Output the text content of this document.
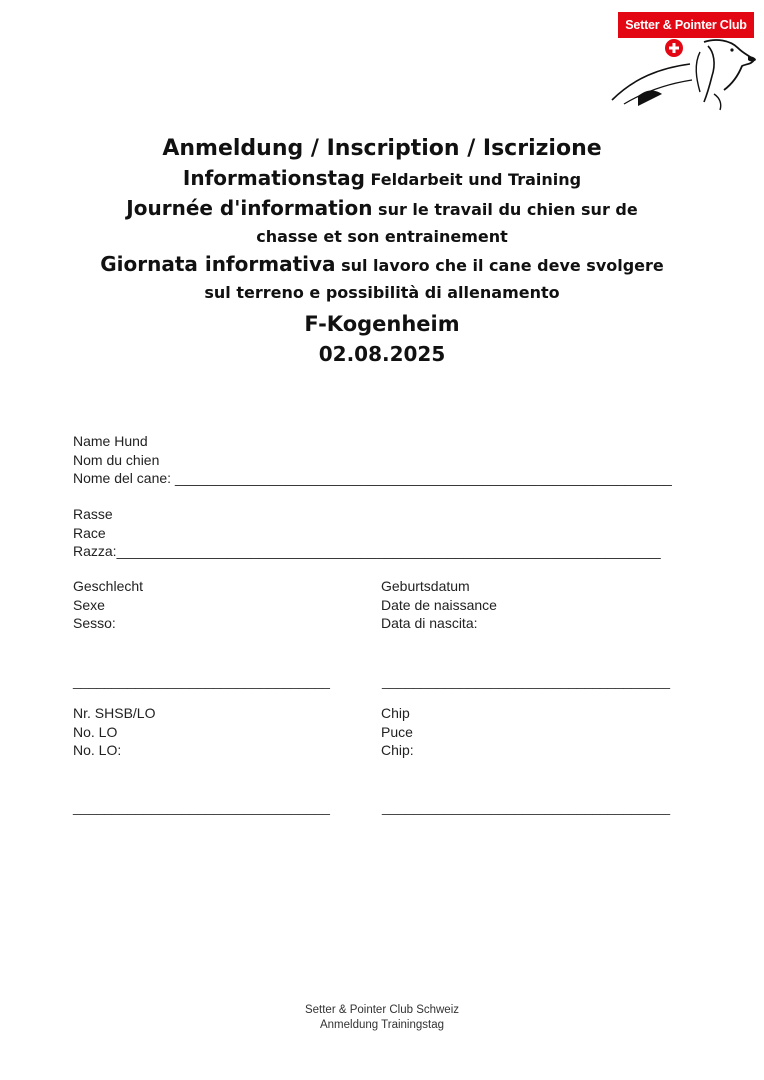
Setter & Pointer Club
Anmeldung / Inscription / Iscrizione
Informationstag Feldarbeit und Training
Journée d'information sur le travail du chien sur de
chasse et son entrainement
Giornata informativa sul lavoro che il cane deve svolgere
sul terreno e possibilità di allenamento
F-Kogenheim
02.08.2025
Name Hund
Nom du chien
Nome del cane: _______________________________________________________________
Rasse
Race
Razza:_____________________________________________________________________
Geschlecht
Sexe
Sesso:
Geburtsdatum
Date de naissance
Data di nascita:
_________________________________	_____________________________________
Nr. SHSB/LO
No. LO
No. LO:
Chip
Puce
Chip:
_________________________________	_____________________________________
Setter & Pointer Club Schweiz
Anmeldung Trainingstag
